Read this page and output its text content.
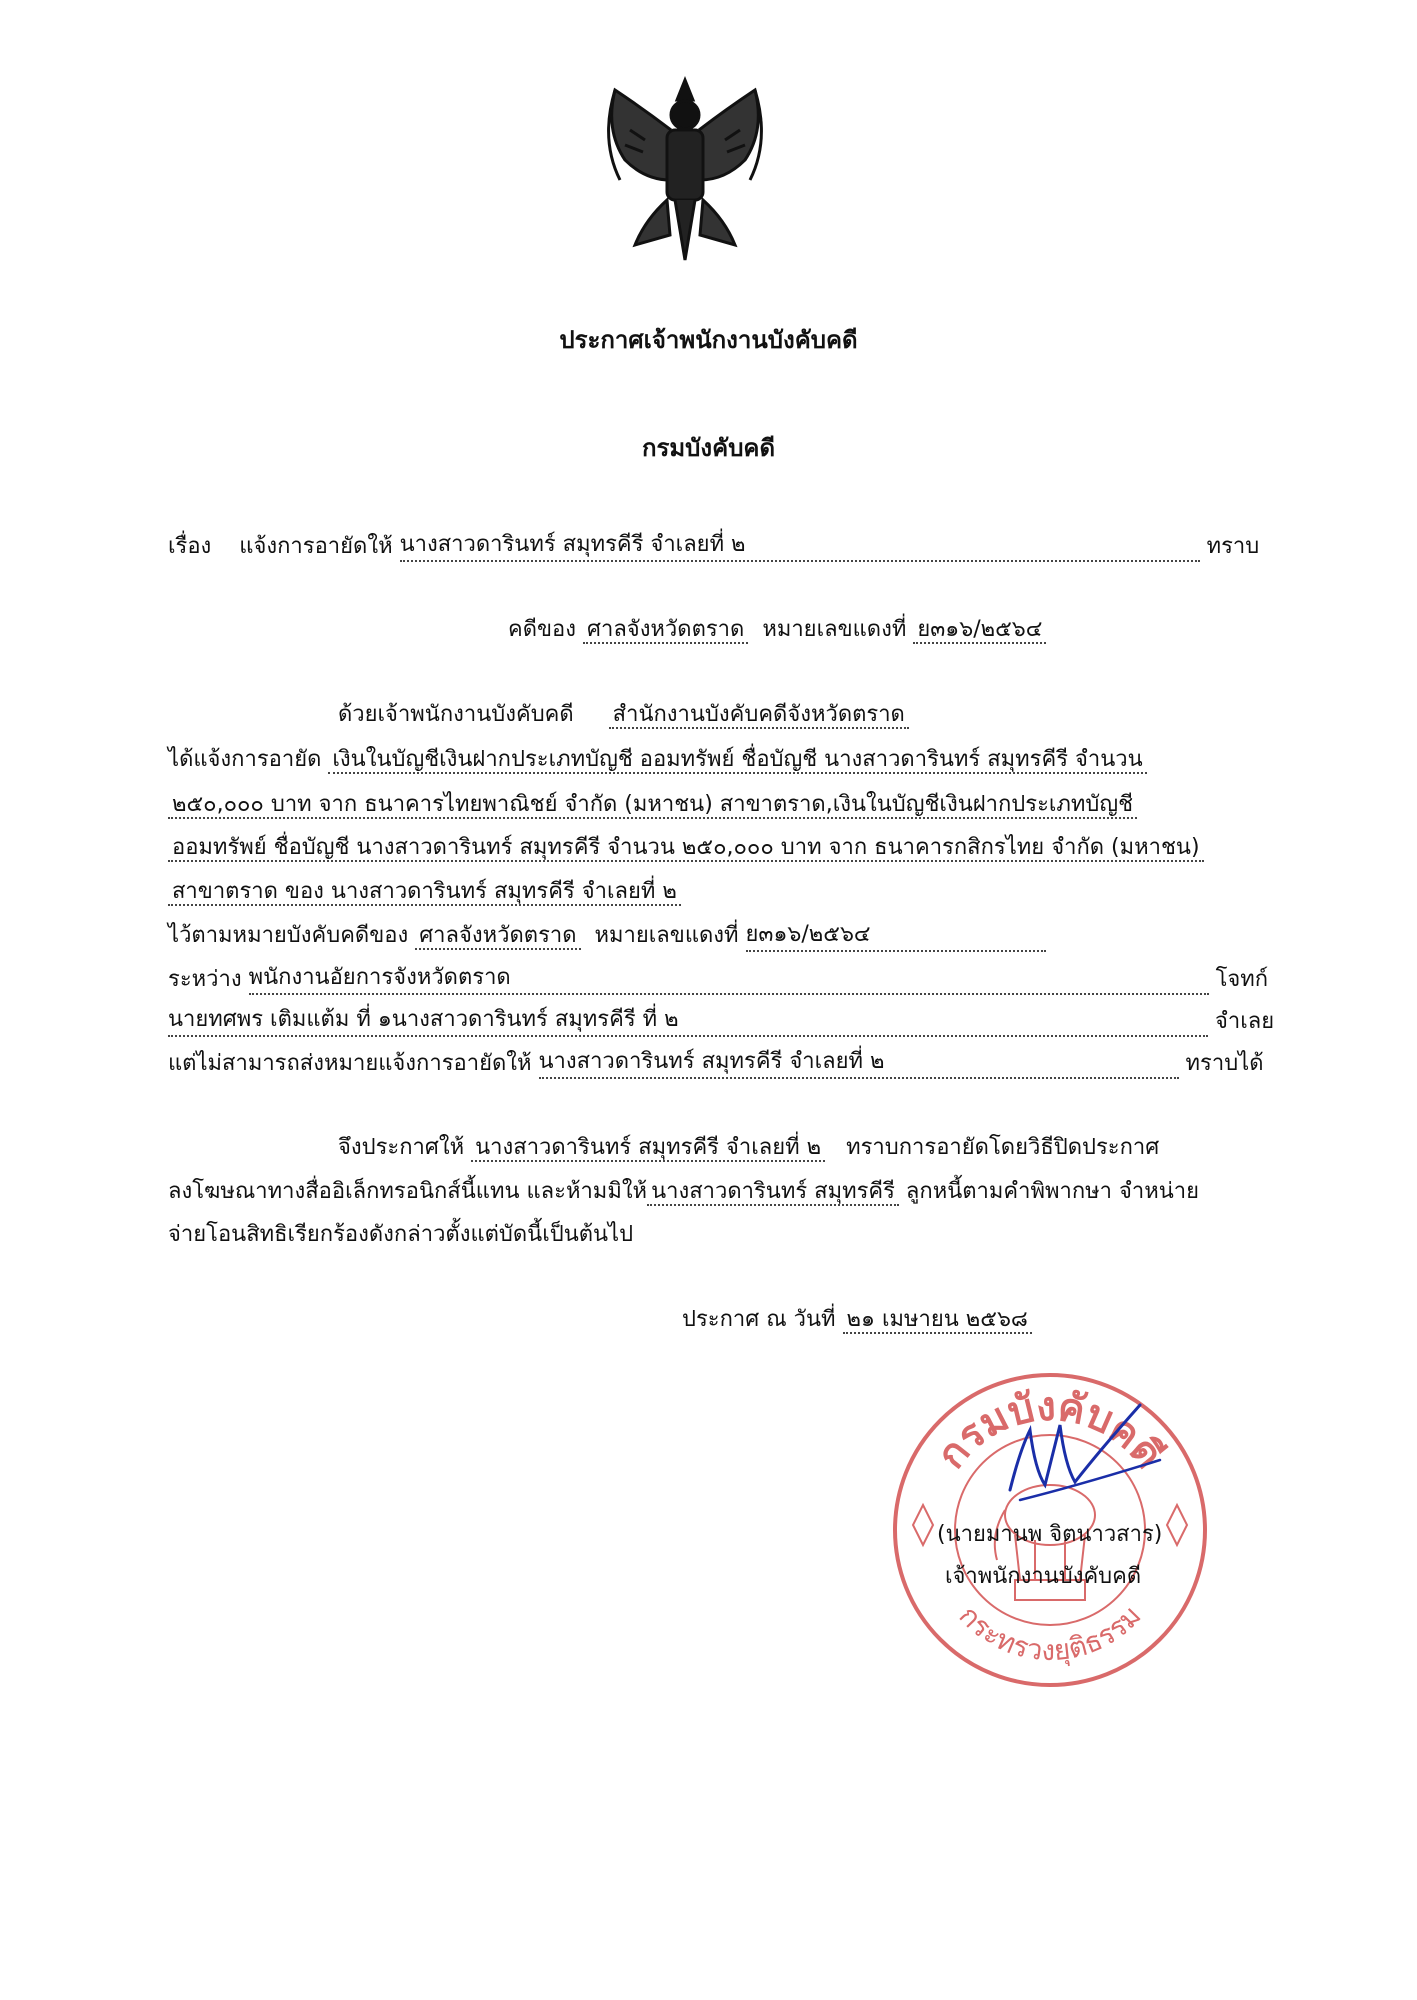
ประกาศเจ้าพนักงานบังคับคดี
กรมบังคับคดี
เรื่อง แจ้งการอายัดให้ นางสาวดารินทร์ สมุทรคีรี จำเลยที่ ๒	ทราบ
คดีของ ศาลจังหวัดตราด หมายเลขแดงที่ ย๓๑๖/๒๕๖๔
ด้วยเจ้าพนักงานบังคับคดี สำนักงานบังคับคดีจังหวัดตราด
ได้แจ้งการอายัด เงินในบัญชีเงินฝากประเภทบัญชี ออมทรัพย์ ชื่อบัญชี นางสาวดารินทร์ สมุทรคีรี จำนวน
๒๕๐,๐๐๐ บาท จาก ธนาคารไทยพาณิชย์ จำกัด (มหาชน) สาขาตราด,เงินในบัญชีเงินฝากประเภทบัญชี
ออมทรัพย์ ชื่อบัญชี นางสาวดารินทร์ สมุทรคีรี จำนวน ๒๕๐,๐๐๐ บาท จาก ธนาคารกสิกรไทย จำกัด (มหาชน)
สาขาตราด ของ นางสาวดารินทร์ สมุทรคีรี จำเลยที่ ๒
ไว้ตามหมายบังคับคดีของ ศาลจังหวัดตราด หมายเลขแดงที่ ย๓๑๖/๒๕๖๔
ระหว่าง พนักงานอัยการจังหวัดตราด	โจทก์
นายทศพร เติมแต้ม ที่ ๑นางสาวดารินทร์ สมุทรคีรี ที่ ๒	จำเลย
แต่ไม่สามารถส่งหมายแจ้งการอายัดให้ นางสาวดารินทร์ สมุทรคีรี จำเลยที่ ๒	ทราบได้
จึงประกาศให้ นางสาวดารินทร์ สมุทรคีรี จำเลยที่ ๒ ทราบการอายัดโดยวิธีปิดประกาศ
ลงโฆษณาทางสื่ออิเล็กทรอนิกส์นี้แทน และห้ามมิให้ นางสาวดารินทร์ สมุทรคีรี ลูกหนี้ตามคำพิพากษา จำหน่าย
จ่ายโอนสิทธิเรียกร้องดังกล่าวตั้งแต่บัดนี้เป็นต้นไป
ประกาศ ณ วันที่ ๒๑ เมษายน ๒๕๖๘
กรมบังคับคดี
กระทรวงยุติธรรม
(นายมานพ จิตนาวสาร)
เจ้าพนักงานบังคับคดี
